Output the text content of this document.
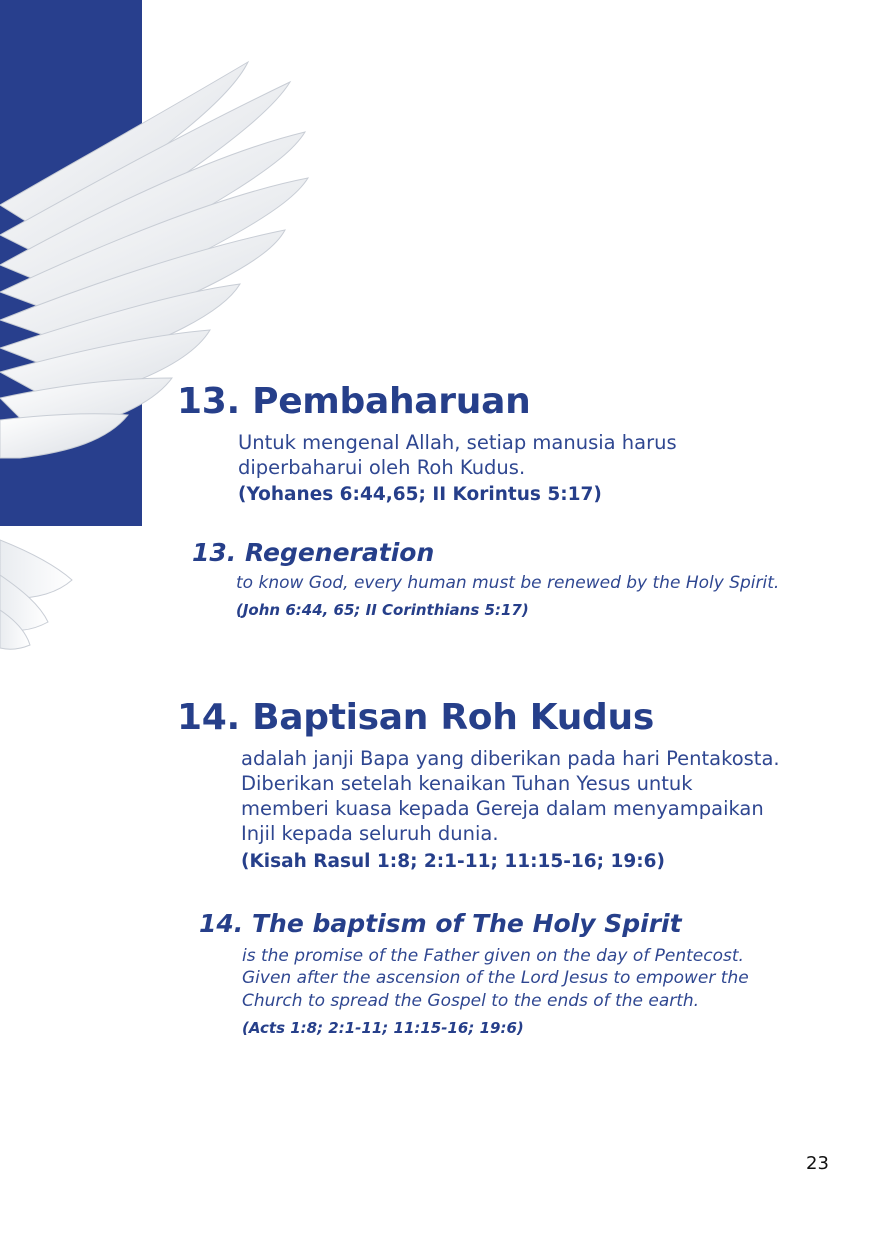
13. Pembaharuan
Untuk mengenal Allah, setiap manusia harus
diperbaharui oleh Roh Kudus.
(Yohanes 6:44,65; II Korintus 5:17)
13. Regeneration
to know God, every human must be renewed by the Holy Spirit.
(John 6:44, 65; II Corinthians 5:17)
14. Baptisan Roh Kudus
adalah janji Bapa yang diberikan pada hari Pentakosta.
Diberikan setelah kenaikan Tuhan Yesus untuk
memberi kuasa kepada Gereja dalam menyampaikan
Injil kepada seluruh dunia.
(Kisah Rasul 1:8; 2:1-11; 11:15-16; 19:6)
14. The baptism of The Holy Spirit
is the promise of the Father given on the day of Pentecost.
Given after the ascension of the Lord Jesus to empower the
Church to spread the Gospel to the ends of the earth.
(Acts 1:8; 2:1-11; 11:15-16; 19:6)
23
